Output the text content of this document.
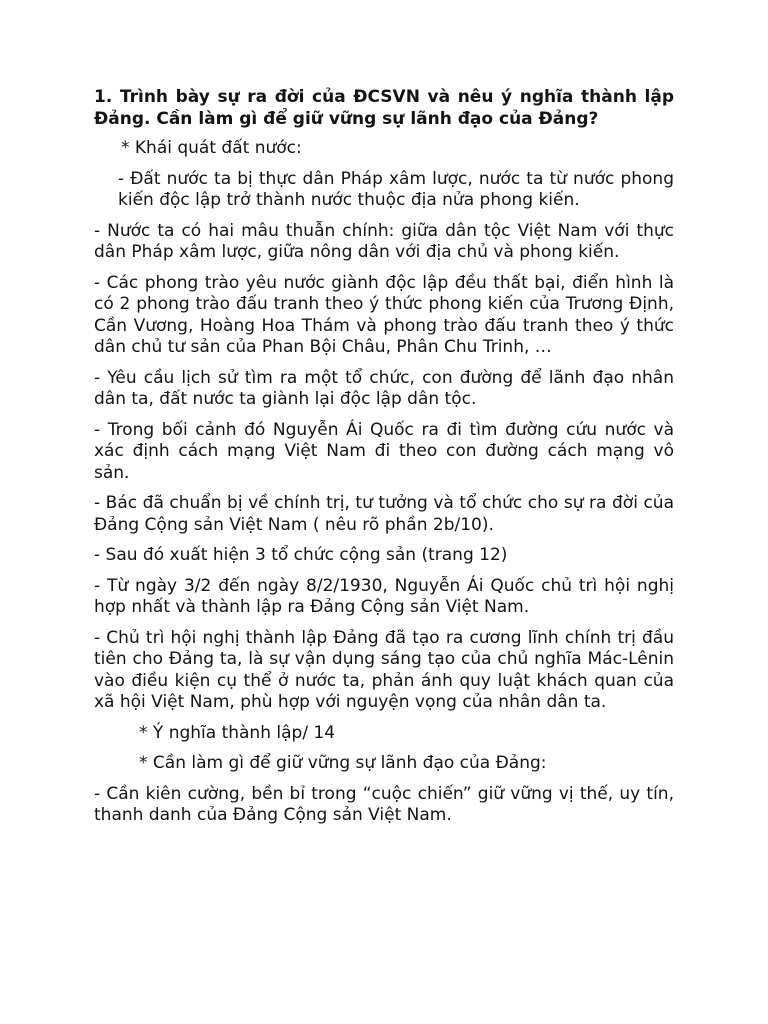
1. Trình bày sự ra đời của ĐCSVN và nêu ý nghĩa thành lập Đảng. Cần làm gì để giữ vững sự lãnh đạo của Đảng?
* Khái quát đất nước:
- Đất nước ta bị thực dân Pháp xâm lược, nước ta từ nước phong kiến độc lập trở thành nước thuộc địa nửa phong kiến.
- Nước ta có hai mâu thuẫn chính: giữa dân tộc Việt Nam với thực dân Pháp xâm lược, giữa nông dân với địa chủ và phong kiến.
- Các phong trào yêu nước giành độc lập đều thất bại, điển hình là có 2 phong trào đấu tranh theo ý thức phong kiến của Trương Định, Cần Vương, Hoàng Hoa Thám và phong trào đấu tranh theo ý thức dân chủ tư sản của Phan Bội Châu, Phân Chu Trinh, …
- Yêu cầu lịch sử tìm ra một tổ chức, con đường để lãnh đạo nhân dân ta, đất nước ta giành lại độc lập dân tộc.
- Trong bối cảnh đó Nguyễn Ái Quốc ra đi tìm đường cứu nước và xác định cách mạng Việt Nam đi theo con đường cách mạng vô sản.
- Bác đã chuẩn bị về chính trị, tư tưởng và tổ chức cho sự ra đời của Đảng Cộng sản Việt Nam ( nêu rõ phần 2b/10).
- Sau đó xuất hiện 3 tổ chức cộng sản (trang 12)
- Từ ngày 3/2 đến ngày 8/2/1930, Nguyễn Ái Quốc chủ trì hội nghị hợp nhất và thành lập ra Đảng Cộng sản Việt Nam.
- Chủ trì hội nghị thành lập Đảng đã tạo ra cương lĩnh chính trị đầu tiên cho Đảng ta, là sự vận dụng sáng tạo của chủ nghĩa Mác-Lênin vào điều kiện cụ thể ở nước ta, phản ánh quy luật khách quan của xã hội Việt Nam, phù hợp với nguyện vọng của nhân dân ta.
* Ý nghĩa thành lập/ 14
* Cần làm gì để giữ vững sự lãnh đạo của Đảng:
- Cần kiên cường, bền bỉ trong “cuộc chiến” giữ vững vị thế, uy tín, thanh danh của Đảng Cộng sản Việt Nam.
